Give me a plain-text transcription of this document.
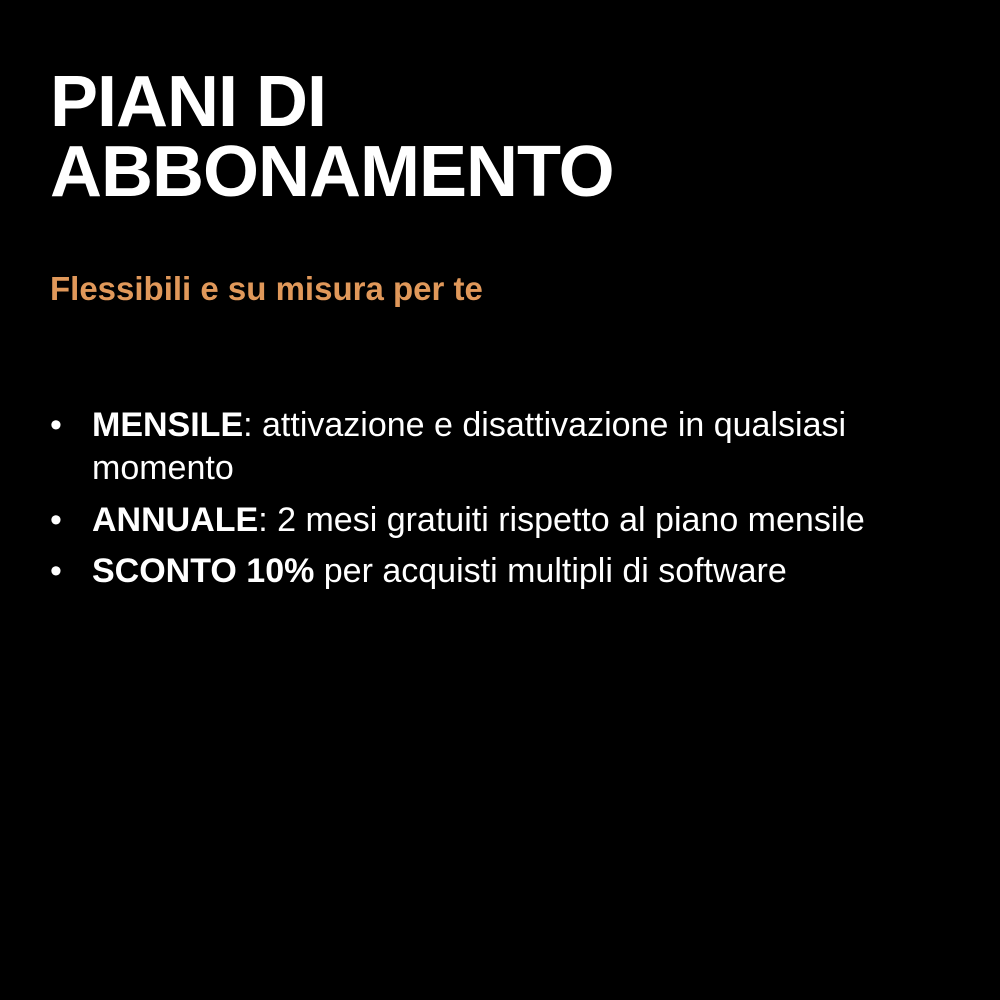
PIANI DI ABBONAMENTO
Flessibili e su misura per te
• MENSILE: attivazione e disattivazione in qualsiasi momento
• ANNUALE: 2 mesi gratuiti rispetto al piano mensile
• SCONTO 10% per acquisti multipli di software
